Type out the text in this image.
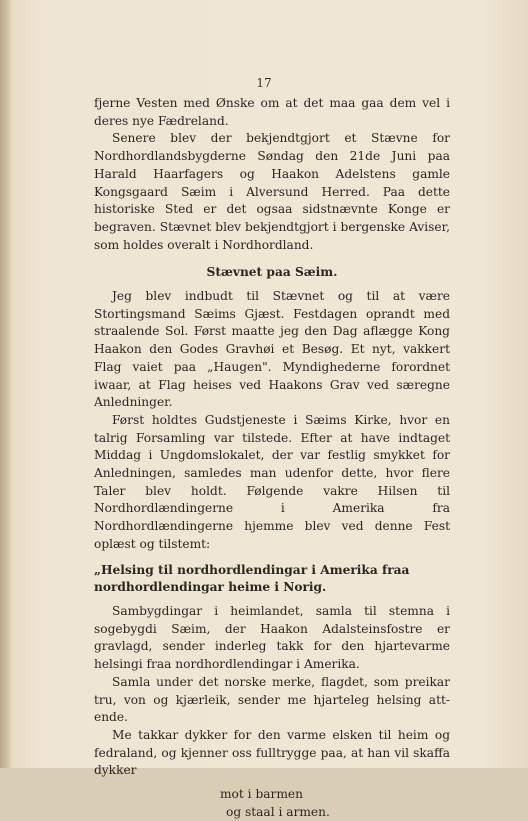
17

fjerne Vesten med Ønske om at det maa gaa dem vel i deres nye Fædreland.

Senere blev der bekjendtgjort et Stævne for Nordhordlandsbygderne Søndag den 21de Juni paa Harald Haarfagers og Haakon Adelstens gamle Kongsgaard Sæim i Alversund Herred. Paa dette historiske Sted er det ogsaa sidstnævnte Konge er begraven. Stævnet blev bekjendtgjort i bergenske Aviser, som holdes overalt i Nordhordland.

Stævnet paa Sæim.

Jeg blev indbudt til Stævnet og til at være Stortingsmand Sæims Gjæst. Festdagen oprandt med straalende Sol. Først maatte jeg den Dag aflægge Kong Haakon den Godes Gravhøi et Besøg. Et nyt, vakkert Flag vaiet paa „Haugen". Myndighederne forordnet iwaar, at Flag heises ved Haakons Grav ved særegne Anledninger.

Først holdtes Gudstjeneste i Sæims Kirke, hvor en talrig Forsamling var tilstede. Efter at have indtaget Middag i Ungdomslokalet, der var festlig smykket for Anledningen, samledes man udenfor dette, hvor flere Taler blev holdt. Følgende vakre Hilsen til Nordhordlændingerne i Amerika fra Nordhordlændingerne hjemme blev ved denne Fest oplæst og tilstemt:

„Helsing til nordhordlendingar i Amerika fraa nordhordlendingar heime i Norig.

Sambygdingar i heimlandet, samla til stemna i sogebygdi Sæim, der Haakon Adalsteinsfostre er gravlagd, sender inderleg takk for den hjartevarme helsingi fraa nordhordlendingar i Amerika.

Samla under det norske merke, flagdet, som preikar tru, von og kjærleik, sender me hjarteleg helsing att-ende.

Me takkar dykker for den varme elsken til heim og fedraland, og kjenner oss fulltrygge paa, at han vil skaffa dykker

mot i barmen

og staal i armen.
